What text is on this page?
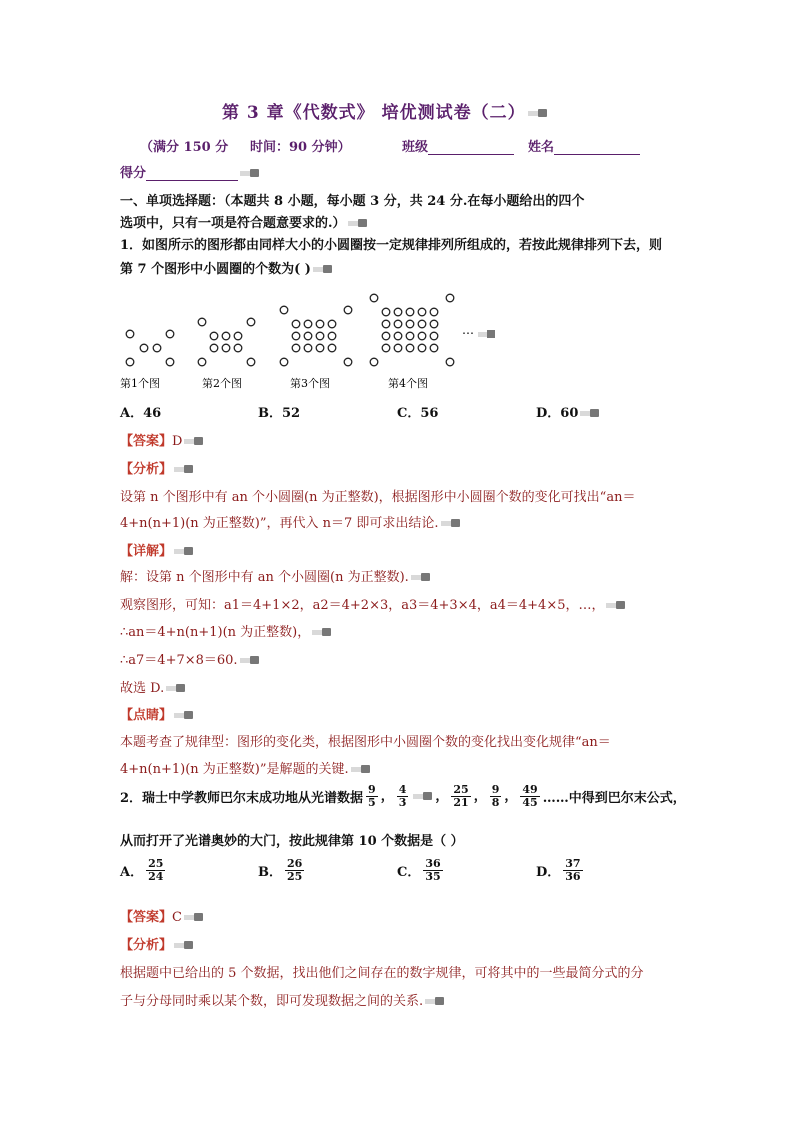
第 3 章《代数式》 培优测试卷（二）
（满分 150 分 时间：90 分钟）	班级	姓名
得分
一、单项选择题：（本题共 8 小题，每小题 3 分，共 24 分.在每小题给出的四个
选项中，只有一项是符合题意要求的.）
1．如图所示的图形都由同样大小的小圆圈按一定规律排列所组成的，若按此规律排列下去，则
第 7 个图形中小圆圈的个数为( )
…
第1个图	第2个图	第3个图	第4个图
A．46	B．52	C．56	D．60
【答案】D
【分析】
设第 n 个图形中有 an 个小圆圈(n 为正整数)，根据图形中小圆圈个数的变化可找出“an＝
4+n(n+1)(n 为正整数)”，再代入 n＝7 即可求出结论.
【详解】
解：设第 n 个图形中有 an 个小圆圈(n 为正整数).
观察图形，可知：a1＝4+1×2，a2＝4+2×3，a3＝4+3×4，a4＝4+4×5，…，
∴an＝4+n(n+1)(n 为正整数)，
∴a7＝4+7×8＝60.
故选 D.
【点睛】
本题考查了规律型：图形的变化类，根据图形中小圆圈个数的变化找出变化规律“an＝
4+n(n+1)(n 为正整数)”是解题的关键.
2．瑞士中学教师巴尔末成功地从光谱数据 $\frac{9}{5}$ ， $\frac{4}{3}$ ， $\frac{25}{21}$ ， $\frac{9}{8}$ ， $\frac{49}{45}$ ……中得到巴尔末公式，
从而打开了光谱奥妙的大门，按此规律第 10 个数据是（ ）
A． $\frac{25}{24}$	B． $\frac{26}{25}$	C． $\frac{36}{35}$	D． $\frac{37}{36}$
【答案】C
【分析】
根据题中已给出的 5 个数据，找出他们之间存在的数字规律，可将其中的一些最简分式的分
子与分母同时乘以某个数，即可发现数据之间的关系.
